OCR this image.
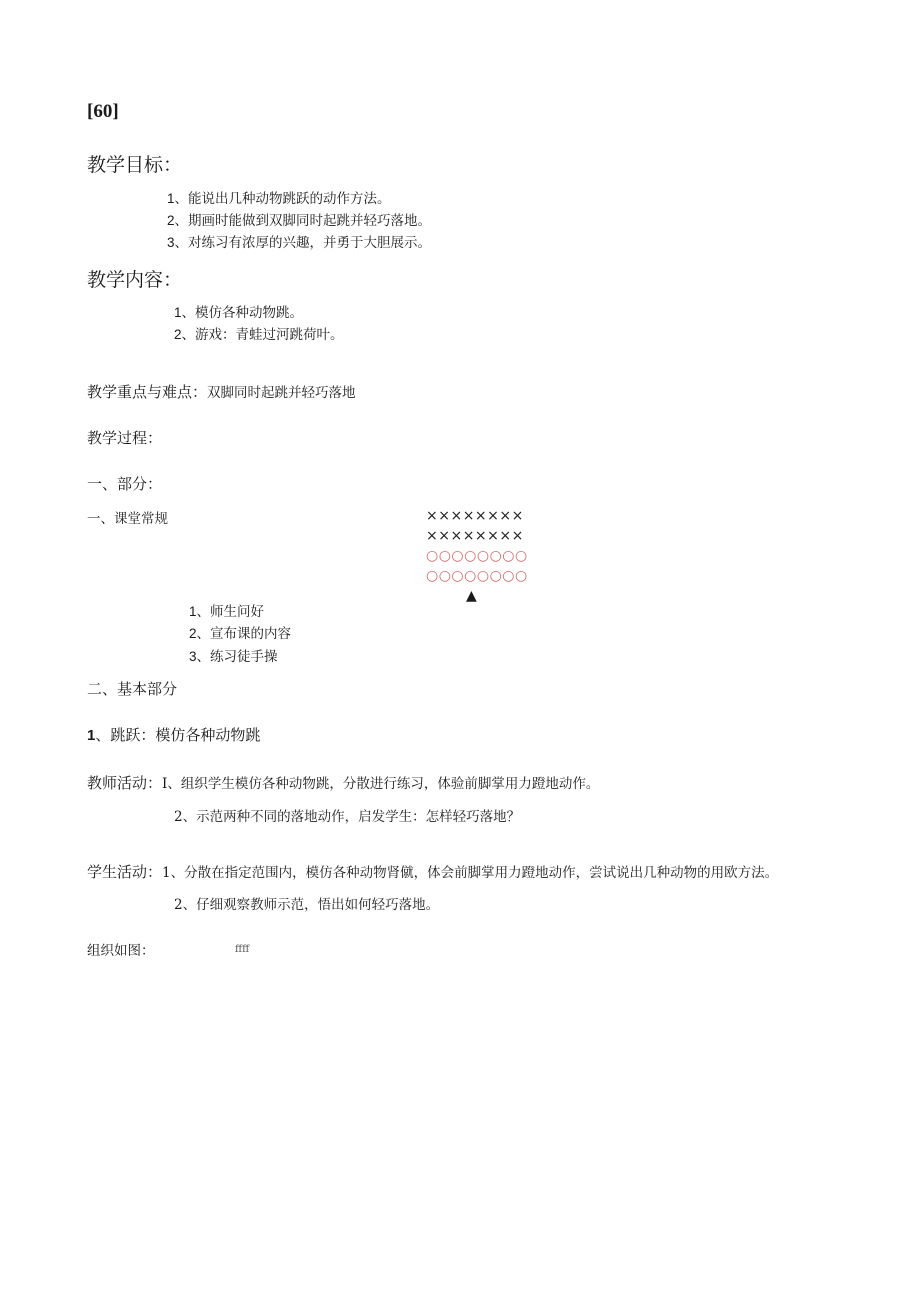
[60]
教学目标：
1、能说出几种动物跳跃的动作方法。
2、期画时能做到双脚同时起跳并轻巧落地。
3、对练习有浓厚的兴趣，并勇于大胆展示。
教学内容：
1、模仿各种动物跳。
2、游戏：青蛙过河跳荷叶。
教学重点与难点：双脚同时起跳并轻巧落地
教学过程：
一、部分：
一、课堂常规	××××××××
××××××××
○○○○○○○○
○○○○○○○○
▲
1、师生问好
2、宣布课的内容
3、练习徒手操
二、基本部分
1、跳跃：模仿各种动物跳
教师活动：I、组织学生模仿各种动物跳，分散进行练习，体验前脚掌用力蹬地动作。
2、示范两种不同的落地动作，启发学生：怎样轻巧落地？
学生活动：1、分散在指定范围内，模仿各种动物肾僦，体会前脚掌用力蹬地动作，尝试说出几种动物的用欧方法。
2、仔细观察教师示范，悟出如何轻巧落地。
组织如图：	ffff
